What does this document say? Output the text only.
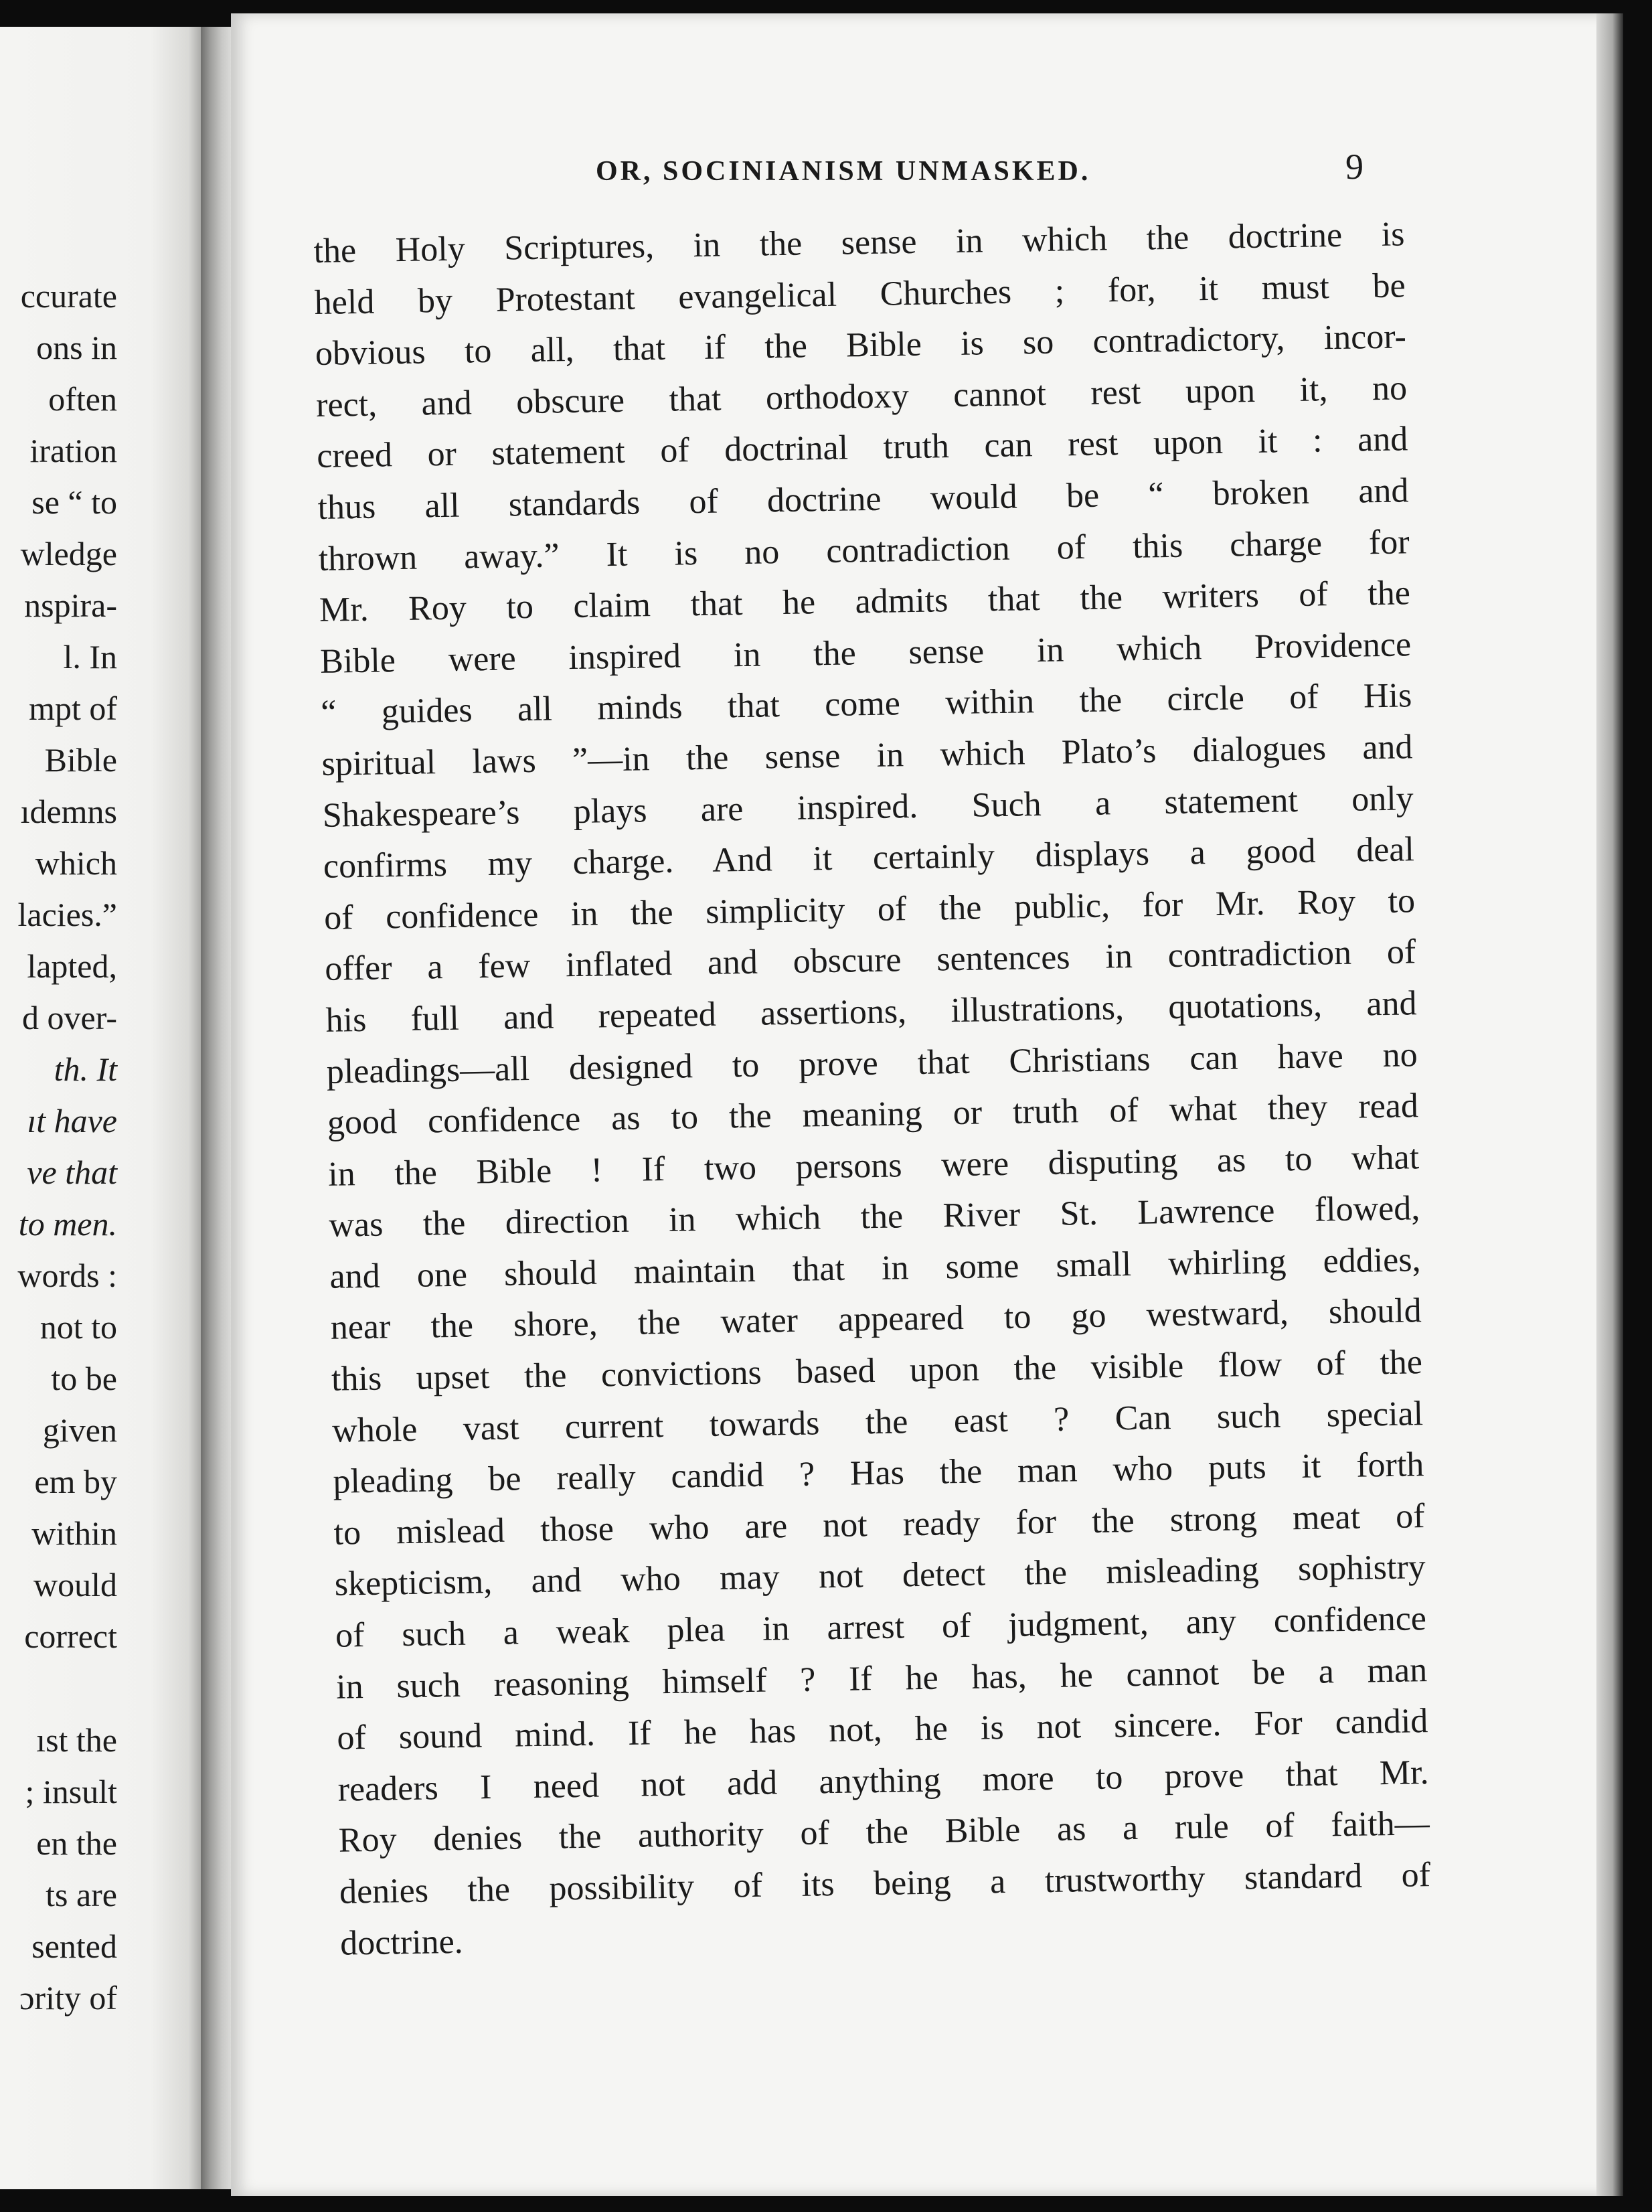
ccurate
ons in
often
iration
se “ to
wledge
nspira-
l. In
mpt of
Bible
ıdemns
which
lacies.”
lapted,
d over-
th. It
ıt have
ve that
to men.
words :
not to
to be
given
em by
within
would
correct
ıst the
; insult
en the
ts are
sented
ɔrity of
OR, SOCINIANISM UNMASKED.	9
the Holy Scriptures, in the sense in which the doctrine is
held by Protestant evangelical Churches ; for, it must be
obvious to all, that if the Bible is so contradictory, incor-
rect, and obscure that orthodoxy cannot rest upon it, no
creed or statement of doctrinal truth can rest upon it : and
thus all standards of doctrine would be “ broken and
thrown away.” It is no contradiction of this charge for
Mr. Roy to claim that he admits that the writers of the
Bible were inspired in the sense in which Providence
“ guides all minds that come within the circle of His
spiritual laws ”—in the sense in which Plato’s dialogues and
Shakespeare’s plays are inspired. Such a statement only
confirms my charge. And it certainly displays a good deal
of confidence in the simplicity of the public, for Mr. Roy to
offer a few inflated and obscure sentences in contradiction of
his full and repeated assertions, illustrations, quotations, and
pleadings—all designed to prove that Christians can have no
good confidence as to the meaning or truth of what they read
in the Bible ! If two persons were disputing as to what
was the direction in which the River St. Lawrence flowed,
and one should maintain that in some small whirling eddies,
near the shore, the water appeared to go westward, should
this upset the convictions based upon the visible flow of the
whole vast current towards the east ? Can such special
pleading be really candid ? Has the man who puts it forth
to mislead those who are not ready for the strong meat of
skepticism, and who may not detect the misleading sophistry
of such a weak plea in arrest of judgment, any confidence
in such reasoning himself ? If he has, he cannot be a man
of sound mind. If he has not, he is not sincere. For candid
readers I need not add anything more to prove that Mr.
Roy denies the authority of the Bible as a rule of faith—
denies the possibility of its being a trustworthy standard of
doctrine.
